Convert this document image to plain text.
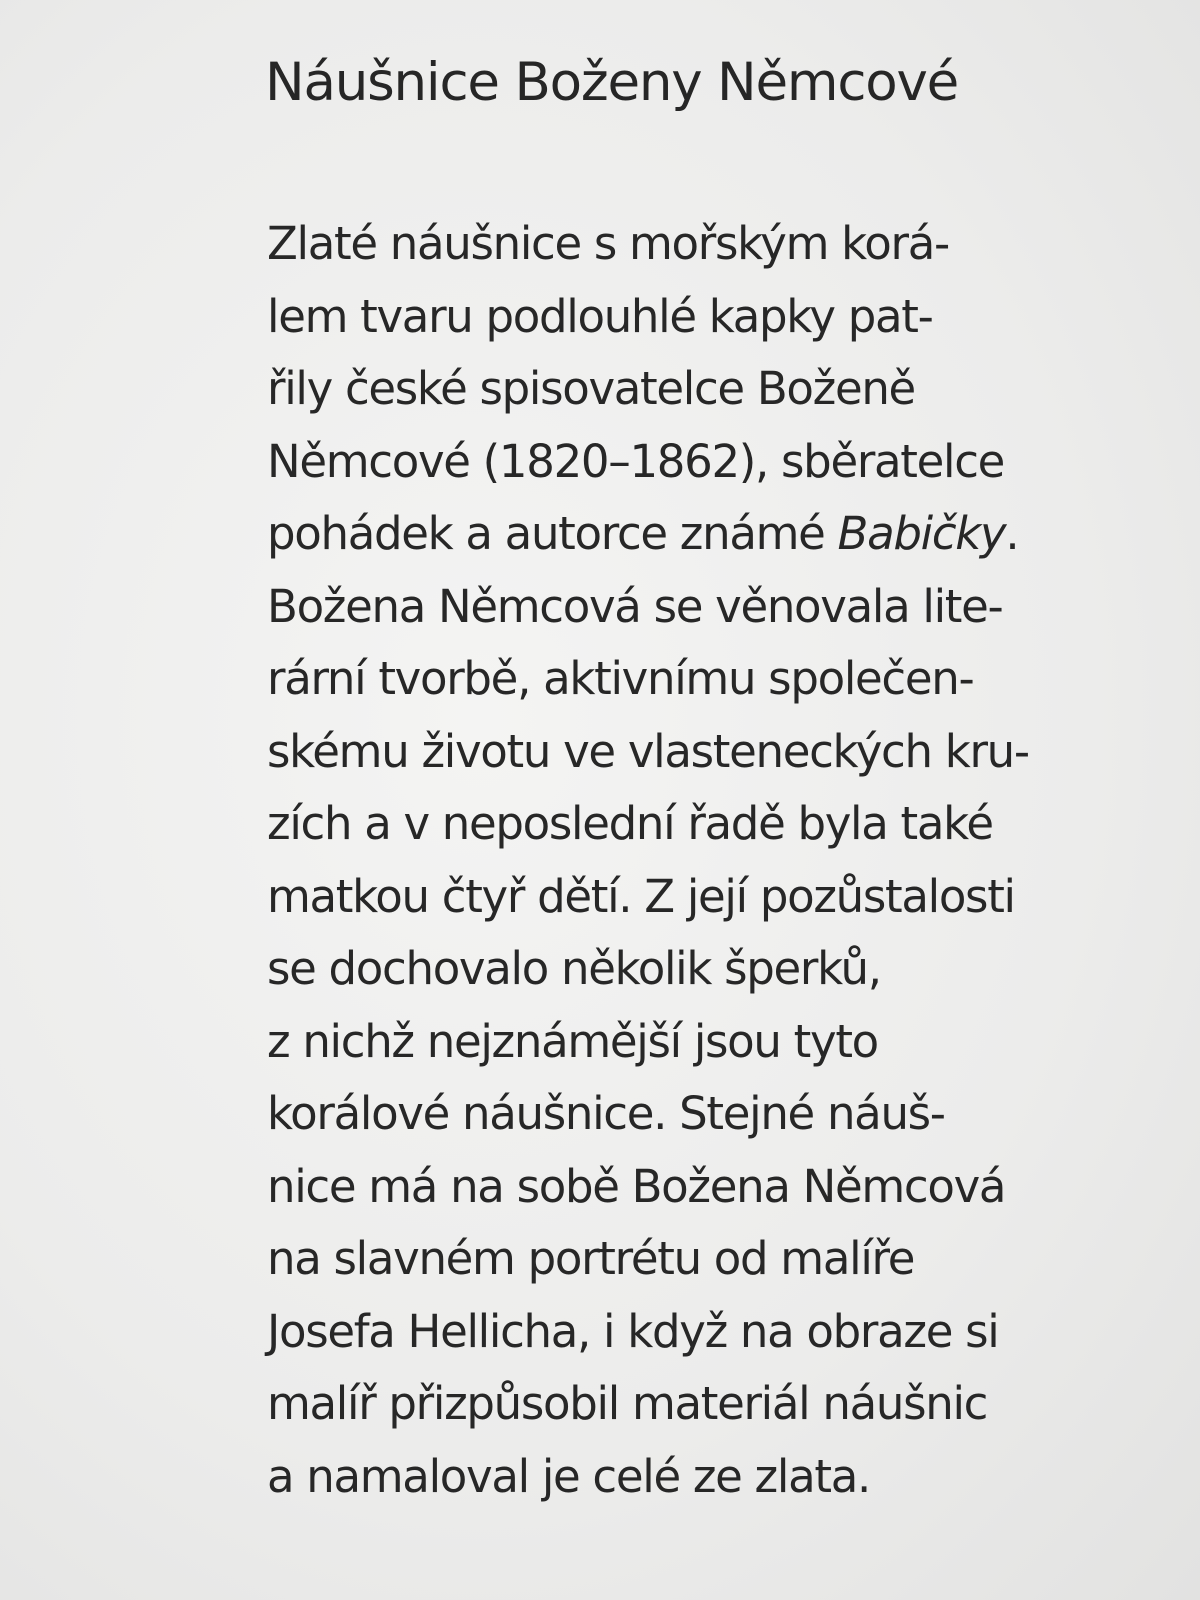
Náušnice Boženy Němcové
Zlaté náušnice s mořským korá-
lem tvaru podlouhlé kapky pat-
řily české spisovatelce Boženě
Němcové (1820–1862), sběratelce
pohádek a autorce známé Babičky.
Božena Němcová se věnovala lite-
rární tvorbě, aktivnímu společen-
skému životu ve vlasteneckých kru-
zích a v neposlední řadě byla také
matkou čtyř dětí. Z její pozůstalosti
se dochovalo několik šperků,
z nichž nejznámější jsou tyto
korálové náušnice. Stejné náuš-
nice má na sobě Božena Němcová
na slavném portrétu od malíře
Josefa Hellicha, i když na obraze si
malíř přizpůsobil materiál náušnic
a namaloval je celé ze zlata.
